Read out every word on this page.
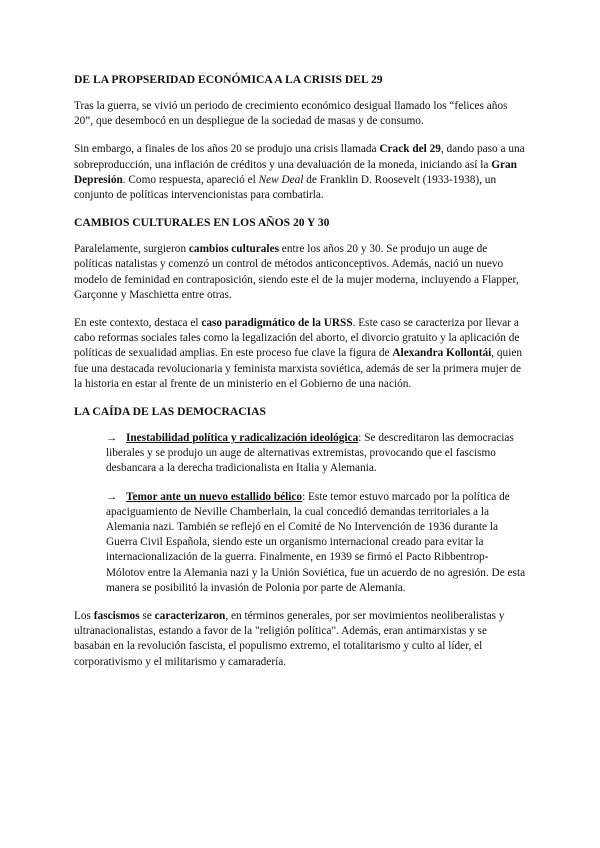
DE LA PROPSERIDAD ECONÓMICA A LA CRISIS DEL 29

Tras la guerra, se vivió un periodo de crecimiento económico desigual llamado los “felices años 20”, que desembocó en un despliegue de la sociedad de masas y de consumo.

Sin embargo, a finales de los años 20 se produjo una crisis llamada Crack del 29, dando paso a una sobreproducción, una inflación de créditos y una devaluación de la moneda, iniciando así la Gran Depresión. Como respuesta, apareció el New Deal de Franklin D. Roosevelt (1933-1938), un conjunto de políticas intervencionistas para combatirla.

CAMBIOS CULTURALES EN LOS AÑOS 20 Y 30

Paralelamente, surgieron cambios culturales entre los años 20 y 30. Se produjo un auge de políticas natalistas y comenzó un control de métodos anticonceptivos. Además, nació un nuevo modelo de feminidad en contraposición, siendo este el de la mujer moderna, incluyendo a Flapper, Garçonne y Maschietta entre otras.

En este contexto, destaca el caso paradigmático de la URSS. Este caso se caracteriza por llevar a cabo reformas sociales tales como la legalización del aborto, el divorcio gratuito y la aplicación de políticas de sexualidad amplias. En este proceso fue clave la figura de Alexandra Kollontái, quien fue una destacada revolucionaria y feminista marxista soviética, además de ser la primera mujer de la historia en estar al frente de un ministerio en el Gobierno de una nación.

LA CAÍDA DE LAS DEMOCRACIAS

→ Inestabilidad política y radicalización ideológica: Se descreditaron las democracias liberales y se produjo un auge de alternativas extremistas, provocando que el fascismo desbancara a la derecha tradicionalista en Italia y Alemania.

→ Temor ante un nuevo estallido bélico: Este temor estuvo marcado por la política de apaciguamiento de Neville Chamberlain, la cual concedió demandas territoriales a la Alemania nazi. También se reflejó en el Comité de No Intervención de 1936 durante la Guerra Civil Española, siendo este un organismo internacional creado para evitar la internacionalización de la guerra. Finalmente, en 1939 se firmó el Pacto Ribbentrop-Mólotov entre la Alemania nazi y la Unión Soviética, fue un acuerdo de no agresión. De esta manera se posibilitó la invasión de Polonia por parte de Alemania.

Los fascismos se caracterizaron, en términos generales, por ser movimientos neoliberalistas y ultranacionalistas, estando a favor de la "religión política". Además, eran antimarxistas y se basaban en la revolución fascista, el populismo extremo, el totalitarismo y culto al líder, el corporativismo y el militarismo y camaradería.
